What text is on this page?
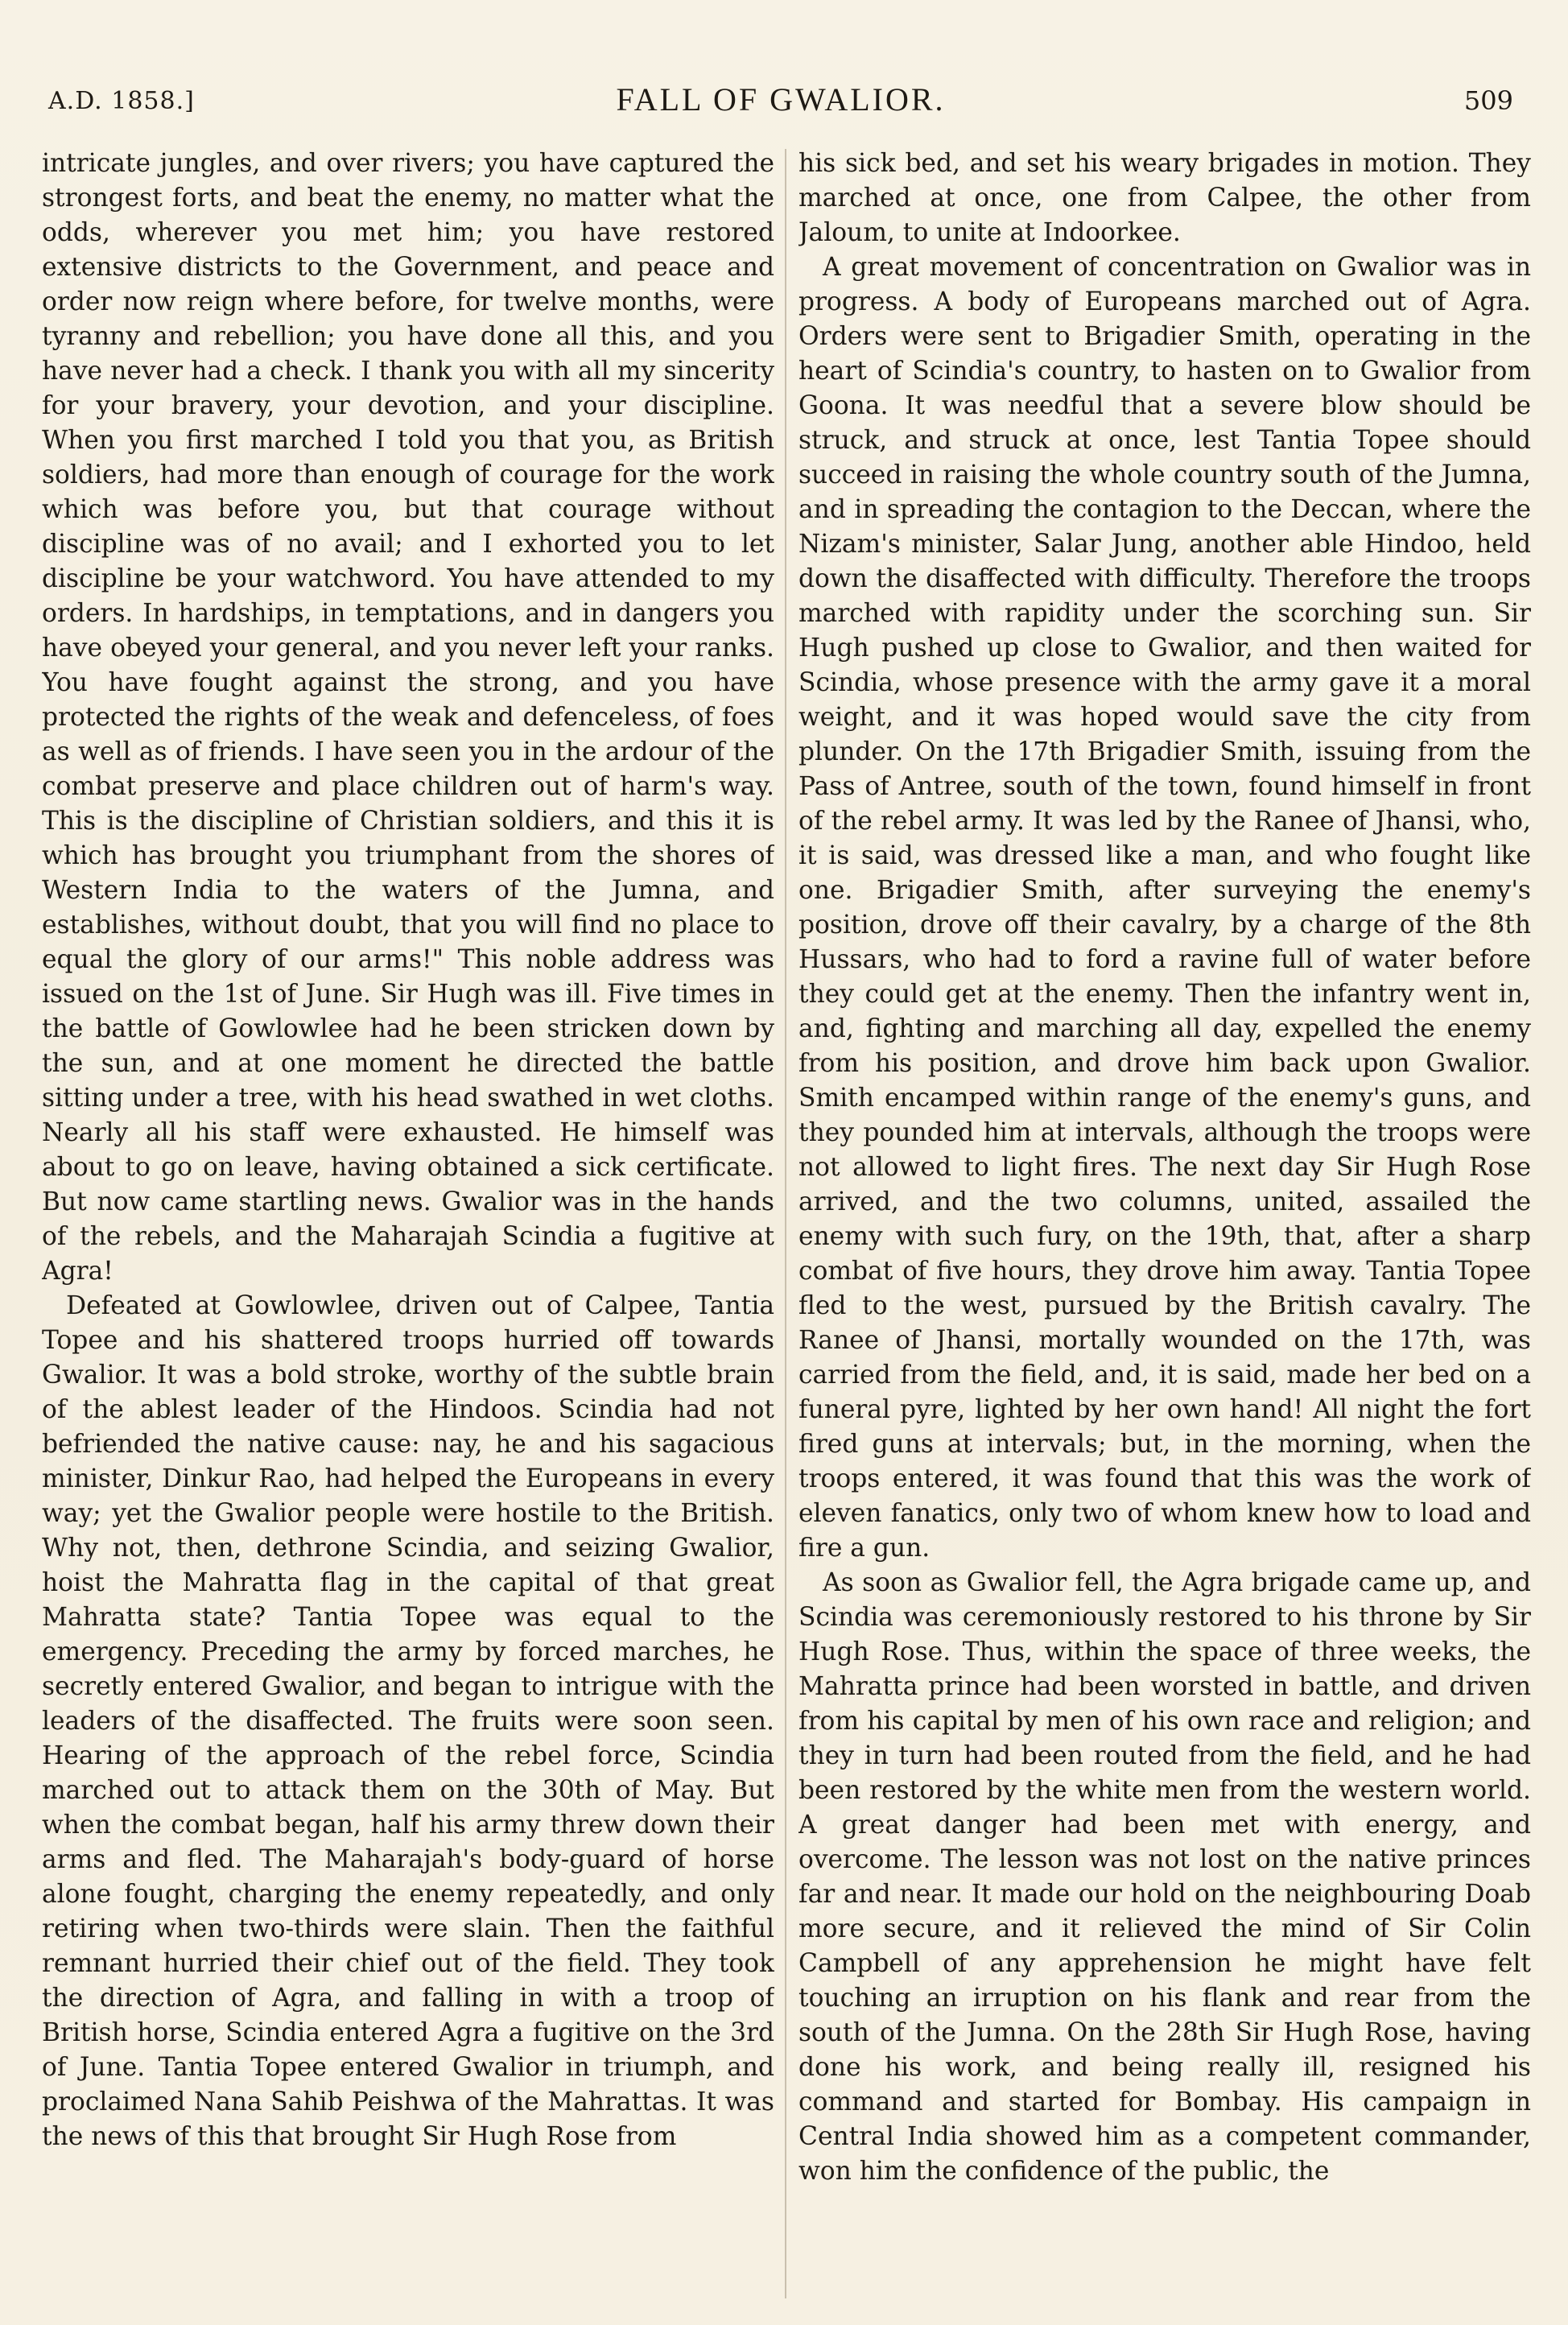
A.D. 1858.]	FALL OF GWALIOR.	509

intricate jungles, and over rivers; you have captured the strongest forts, and beat the enemy, no matter what the odds, wherever you met him; you have restored extensive districts to the Government, and peace and order now reign where before, for twelve months, were tyranny and rebellion; you have done all this, and you have never had a check. I thank you with all my sincerity for your bravery, your devotion, and your discipline. When you first marched I told you that you, as British soldiers, had more than enough of courage for the work which was before you, but that courage without discipline was of no avail; and I exhorted you to let discipline be your watchword. You have attended to my orders. In hardships, in temptations, and in dangers you have obeyed your general, and you never left your ranks. You have fought against the strong, and you have protected the rights of the weak and defenceless, of foes as well as of friends. I have seen you in the ardour of the combat preserve and place children out of harm's way. This is the discipline of Christian soldiers, and this it is which has brought you triumphant from the shores of Western India to the waters of the Jumna, and establishes, without doubt, that you will find no place to equal the glory of our arms!" This noble address was issued on the 1st of June. Sir Hugh was ill. Five times in the battle of Gowlowlee had he been stricken down by the sun, and at one moment he directed the battle sitting under a tree, with his head swathed in wet cloths. Nearly all his staff were exhausted. He himself was about to go on leave, having obtained a sick certificate. But now came startling news. Gwalior was in the hands of the rebels, and the Maharajah Scindia a fugitive at Agra!

Defeated at Gowlowlee, driven out of Calpee, Tantia Topee and his shattered troops hurried off towards Gwalior. It was a bold stroke, worthy of the subtle brain of the ablest leader of the Hindoos. Scindia had not befriended the native cause: nay, he and his sagacious minister, Dinkur Rao, had helped the Europeans in every way; yet the Gwalior people were hostile to the British. Why not, then, dethrone Scindia, and seizing Gwalior, hoist the Mahratta flag in the capital of that great Mahratta state? Tantia Topee was equal to the emergency. Preceding the army by forced marches, he secretly entered Gwalior, and began to intrigue with the leaders of the disaffected. The fruits were soon seen. Hearing of the approach of the rebel force, Scindia marched out to attack them on the 30th of May. But when the combat began, half his army threw down their arms and fled. The Maharajah's body-guard of horse alone fought, charging the enemy repeatedly, and only retiring when two-thirds were slain. Then the faithful remnant hurried their chief out of the field. They took the direction of Agra, and falling in with a troop of British horse, Scindia entered Agra a fugitive on the 3rd of June. Tantia Topee entered Gwalior in triumph, and proclaimed Nana Sahib Peishwa of the Mahrattas. It was the news of this that brought Sir Hugh Rose from

his sick bed, and set his weary brigades in motion. They marched at once, one from Calpee, the other from Jaloum, to unite at Indoorkee.

A great movement of concentration on Gwalior was in progress. A body of Europeans marched out of Agra. Orders were sent to Brigadier Smith, operating in the heart of Scindia's country, to hasten on to Gwalior from Goona. It was needful that a severe blow should be struck, and struck at once, lest Tantia Topee should succeed in raising the whole country south of the Jumna, and in spreading the contagion to the Deccan, where the Nizam's minister, Salar Jung, another able Hindoo, held down the disaffected with difficulty. Therefore the troops marched with rapidity under the scorching sun. Sir Hugh pushed up close to Gwalior, and then waited for Scindia, whose presence with the army gave it a moral weight, and it was hoped would save the city from plunder. On the 17th Brigadier Smith, issuing from the Pass of Antree, south of the town, found himself in front of the rebel army. It was led by the Ranee of Jhansi, who, it is said, was dressed like a man, and who fought like one. Brigadier Smith, after surveying the enemy's position, drove off their cavalry, by a charge of the 8th Hussars, who had to ford a ravine full of water before they could get at the enemy. Then the infantry went in, and, fighting and marching all day, expelled the enemy from his position, and drove him back upon Gwalior. Smith encamped within range of the enemy's guns, and they pounded him at intervals, although the troops were not allowed to light fires. The next day Sir Hugh Rose arrived, and the two columns, united, assailed the enemy with such fury, on the 19th, that, after a sharp combat of five hours, they drove him away. Tantia Topee fled to the west, pursued by the British cavalry. The Ranee of Jhansi, mortally wounded on the 17th, was carried from the field, and, it is said, made her bed on a funeral pyre, lighted by her own hand! All night the fort fired guns at intervals; but, in the morning, when the troops entered, it was found that this was the work of eleven fanatics, only two of whom knew how to load and fire a gun.

As soon as Gwalior fell, the Agra brigade came up, and Scindia was ceremoniously restored to his throne by Sir Hugh Rose. Thus, within the space of three weeks, the Mahratta prince had been worsted in battle, and driven from his capital by men of his own race and religion; and they in turn had been routed from the field, and he had been restored by the white men from the western world. A great danger had been met with energy, and overcome. The lesson was not lost on the native princes far and near. It made our hold on the neighbouring Doab more secure, and it relieved the mind of Sir Colin Campbell of any apprehension he might have felt touching an irruption on his flank and rear from the south of the Jumna. On the 28th Sir Hugh Rose, having done his work, and being really ill, resigned his command and started for Bombay. His campaign in Central India showed him as a competent commander, won him the confidence of the public, the
